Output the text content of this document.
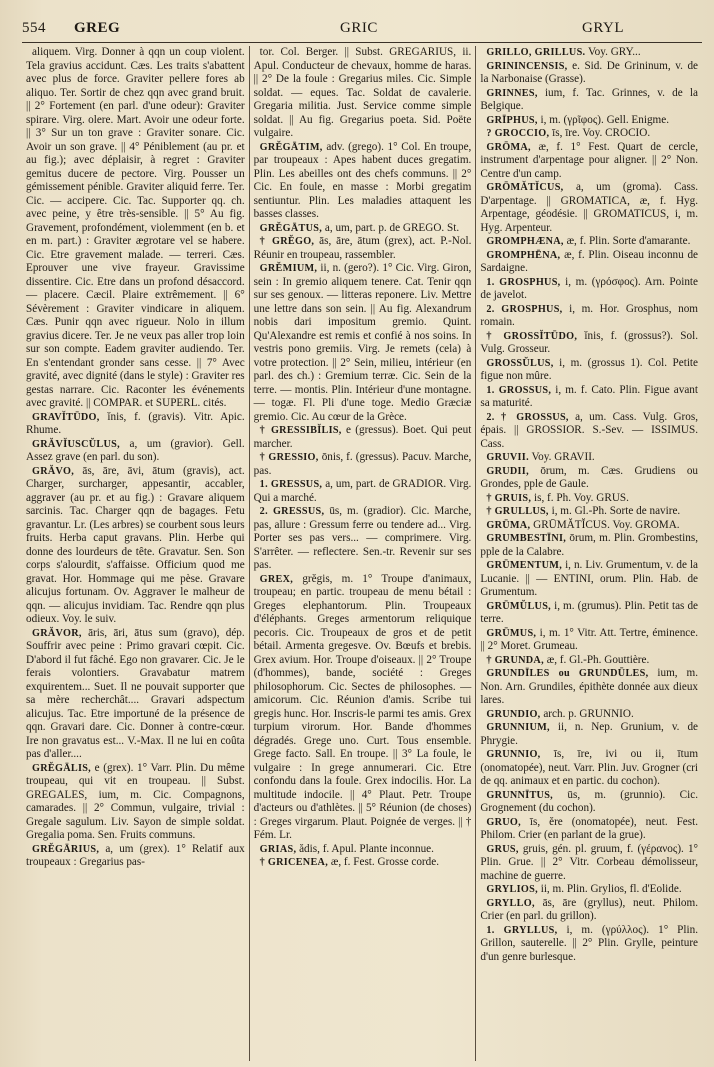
554 GREG	GRIC	GRYL

aliquem. Virg. Donner à qqn un coup violent. Tela gravius accidunt. Cæs. Les traits s'abattent avec plus de force. Graviter pellere fores ab aliquo. Ter. Sortir de chez qqn avec grand bruit. || 2° Fortement (en parl. d'une odeur): Graviter spirare. Virg. olere. Mart. Avoir une odeur forte. || 3° Sur un ton grave : Graviter sonare. Cic. Avoir un son grave. || 4° Péniblement (au pr. et au fig.); avec déplaisir, à regret : Graviter gemitus ducere de pectore. Virg. Pousser un gémissement pénible. Graviter aliquid ferre. Ter. Cic. — accipere. Cic. Tac. Supporter qq. ch. avec peine, y être très-sensible. || 5° Au fig. Gravement, profondément, violemment (en b. et en m. part.) : Graviter ægrotare vel se habere. Cic. Etre gravement malade. — terreri. Cæs. Eprouver une vive frayeur. Gravissime dissentire. Cic. Etre dans un profond désaccord. — placere. Cæcil. Plaire extrêmement. || 6° Sévèrement : Graviter vindicare in aliquem. Cæs. Punir qqn avec rigueur. Nolo in illum gravius dicere. Ter. Je ne veux pas aller trop loin sur son compte. Eadem graviter audiendo. Ter. En s'entendant gronder sans cesse. || 7° Avec gravité, avec dignité (dans le style) : Graviter res gestas narrare. Cic. Raconter les événements avec gravité. || COMPAR. et SUPERL. cités.

GRAVĬTŪDO, ĭnis, f. (gravis). Vitr. Apic. Rhume.

GRĂVĬUSCŬLUS, a, um (gravior). Gell. Assez grave (en parl. du son).

GRĂVO, ās, āre, āvi, ātum (gravis), act. Charger, surcharger, appesantir, accabler, aggraver (au pr. et au fig.) : Gravare aliquem sarcinis. Tac. Charger qqn de bagages. Fetu gravantur. Lr. (Les arbres) se courbent sous leurs fruits. Herba caput gravans. Plin. Herbe qui donne des lourdeurs de tête. Gravatur. Sen. Son corps s'alourdit, s'affaisse. Officium quod me gravat. Hor. Hommage qui me pèse. Gravare alicujus fortunam. Ov. Aggraver le malheur de qqn. — alicujus invidiam. Tac. Rendre qqn plus odieux. Voy. le suiv.

GRĂVOR, āris, āri, ātus sum (gravo), dép. Souffrir avec peine : Primo gravari cœpit. Cic. D'abord il fut fâché. Ego non gravarer. Cic. Je le ferais volontiers. Gravabatur matrem exquirentem... Suet. Il ne pouvait supporter que sa mère recherchât.... Gravari adspectum alicujus. Tac. Etre importuné de la présence de qqn. Gravari dare. Cic. Donner à contre-cœur. Ire non gravatus est... V.-Max. Il ne lui en coûta pas d'aller....

GRĔGĀLIS, e (grex). 1° Varr. Plin. Du même troupeau, qui vit en troupeau. || Subst. GREGALES, ium, m. Cic. Compagnons, camarades. || 2° Commun, vulgaire, trivial : Gregale sagulum. Liv. Sayon de simple soldat. Gregalia poma. Sen. Fruits communs.

GRĔGĀRIUS, a, um (grex). 1° Relatif aux troupeaux : Gregarius pas-

tor. Col. Berger. || Subst. GREGARIUS, ii. Apul. Conducteur de chevaux, homme de haras. || 2° De la foule : Gregarius miles. Cic. Simple soldat. — eques. Tac. Soldat de cavalerie. Gregaria militia. Just. Service comme simple soldat. || Au fig. Gregarius poeta. Sid. Poëte vulgaire.

GRĔGĀTIM, adv. (grego). 1° Col. En troupe, par troupeaux : Apes habent duces gregatim. Plin. Les abeilles ont des chefs communs. || 2° Cic. En foule, en masse : Morbi gregatim sentiuntur. Plin. Les maladies attaquent les basses classes.

GRĔGĀTUS, a, um, part. p. de GREGO. St.

† GRĔGO, ās, āre, ātum (grex), act. P.-Nol. Réunir en troupeau, rassembler.

GRĔMIUM, ii, n. (gero?). 1° Cic. Virg. Giron, sein : In gremio aliquem tenere. Cat. Tenir qqn sur ses genoux. — litteras reponere. Liv. Mettre une lettre dans son sein. || Au fig. Alexandrum nobis dari impositum gremio. Quint. Qu'Alexandre est remis et confié à nos soins. In vestris pono gremiis. Virg. Je remets (cela) à votre protection. || 2° Sein, milieu, intérieur (en parl. des ch.) : Gremium terræ. Cic. Sein de la terre. — montis. Plin. Intérieur d'une montagne. — togæ. Fl. Pli d'une toge. Medio Græciæ gremio. Cic. Au cœur de la Grèce.

† GRESSIBĬLIS, e (gressus). Boet. Qui peut marcher.

† GRESSIO, ōnis, f. (gressus). Pacuv. Marche, pas.

1. GRESSUS, a, um, part. de GRADIOR. Virg. Qui a marché.

2. GRESSUS, ūs, m. (gradior). Cic. Marche, pas, allure : Gressum ferre ou tendere ad... Virg. Porter ses pas vers... — comprimere. Virg. S'arrêter. — reflectere. Sen.-tr. Revenir sur ses pas.

GREX, grĕgis, m. 1° Troupe d'animaux, troupeau; en partic. troupeau de menu bétail : Greges elephantorum. Plin. Troupeaux d'éléphants. Greges armentorum reliquique pecoris. Cic. Troupeaux de gros et de petit bétail. Armenta gregesve. Ov. Bœufs et brebis. Grex avium. Hor. Troupe d'oiseaux. || 2° Troupe (d'hommes), bande, société : Greges philosophorum. Cic. Sectes de philosophes. — amicorum. Cic. Réunion d'amis. Scribe tui gregis hunc. Hor. Inscris-le parmi tes amis. Grex turpium virorum. Hor. Bande d'hommes dégradés. Grege uno. Curt. Tous ensemble. Grege facto. Sall. En troupe. || 3° La foule, le vulgaire : In grege annumerari. Cic. Etre confondu dans la foule. Grex indocilis. Hor. La multitude indocile. || 4° Plaut. Petr. Troupe d'acteurs ou d'athlètes. || 5° Réunion (de choses) : Greges virgarum. Plaut. Poignée de verges. || † Fém. Lr.

GRIAS, ădis, f. Apul. Plante inconnue.

† GRICENEA, æ, f. Fest. Grosse corde.

GRILLO, GRILLUS. Voy. GRY...

GRININCENSIS, e. Sid. De Grininum, v. de la Narbonaise (Grasse).

GRINNES, ium, f. Tac. Grinnes, v. de la Belgique.

GRĪPHUS, i, m. (γρῖφος). Gell. Enigme.

? GROCCIO, īs, īre. Voy. CROCIO.

GRŌMA, æ, f. 1° Fest. Quart de cercle, instrument d'arpentage pour aligner. || 2° Non. Centre d'un camp.

GRŌMĂTĬCUS, a, um (groma). Cass. D'arpentage. || GROMATICA, æ, f. Hyg. Arpentage, géodésie. || GROMATICUS, i, m. Hyg. Arpenteur.

GROMPHÆNA, æ, f. Plin. Sorte d'amarante.

GROMPHĒNA, æ, f. Plin. Oiseau inconnu de Sardaigne.

1. GROSPHUS, i, m. (γρόσφος). Arn. Pointe de javelot.

2. GROSPHUS, i, m. Hor. Grosphus, nom romain.

† GROSSĬTŪDO, ĭnis, f. (grossus?). Sol. Vulg. Grosseur.

GROSSŬLUS, i, m. (grossus 1). Col. Petite figue non mûre.

1. GROSSUS, i, m. f. Cato. Plin. Figue avant sa maturité.

2. † GROSSUS, a, um. Cass. Vulg. Gros, épais. || GROSSIOR. S.-Sev. — ISSIMUS. Cass.

GRUVII. Voy. GRAVII.

GRUDII, ōrum, m. Cæs. Grudiens ou Grondes, pple de Gaule.

† GRUIS, is, f. Ph. Voy. GRUS.

† GRULLUS, i, m. Gl.-Ph. Sorte de navire.

GRŪMA, GRŪMĂTĬCUS. Voy. GROMA.

GRUMBESTĪNI, ōrum, m. Plin. Grombestins, pple de la Calabre.

GRŪMENTUM, i, n. Liv. Grumentum, v. de la Lucanie. || — ENTINI, orum. Plin. Hab. de Grumentum.

GRŪMŬLUS, i, m. (grumus). Plin. Petit tas de terre.

GRŪMUS, i, m. 1° Vitr. Att. Tertre, éminence. || 2° Moret. Grumeau.

† GRUNDA, æ, f. Gl.-Ph. Gouttière.

GRUNDĪLES ou GRUNDŪLES, ium, m. Non. Arn. Grundiles, épithète donnée aux dieux lares.

GRUNDIO, arch. p. GRUNNIO.

GRUNNIUM, ii, n. Nep. Grunium, v. de Phrygie.

GRUNNIO, īs, īre, ivi ou ii, ītum (onomatopée), neut. Varr. Plin. Juv. Grogner (cri de qq. animaux et en partic. du cochon).

GRUNNĪTUS, ūs, m. (grunnio). Cic. Grognement (du cochon).

GRUO, īs, ĕre (onomatopée), neut. Fest. Philom. Crier (en parlant de la grue).

GRUS, gruis, gén. pl. gruum, f. (γέρανος). 1° Plin. Grue. || 2° Vitr. Corbeau démolisseur, machine de guerre.

GRYLIOS, ii, m. Plin. Grylios, fl. d'Eolide.

GRYLLO, ās, āre (gryllus), neut. Philom. Crier (en parl. du grillon).

1. GRYLLUS, i, m. (γρύλλος). 1° Plin. Grillon, sauterelle. || 2° Plin. Grylle, peinture d'un genre burlesque.
